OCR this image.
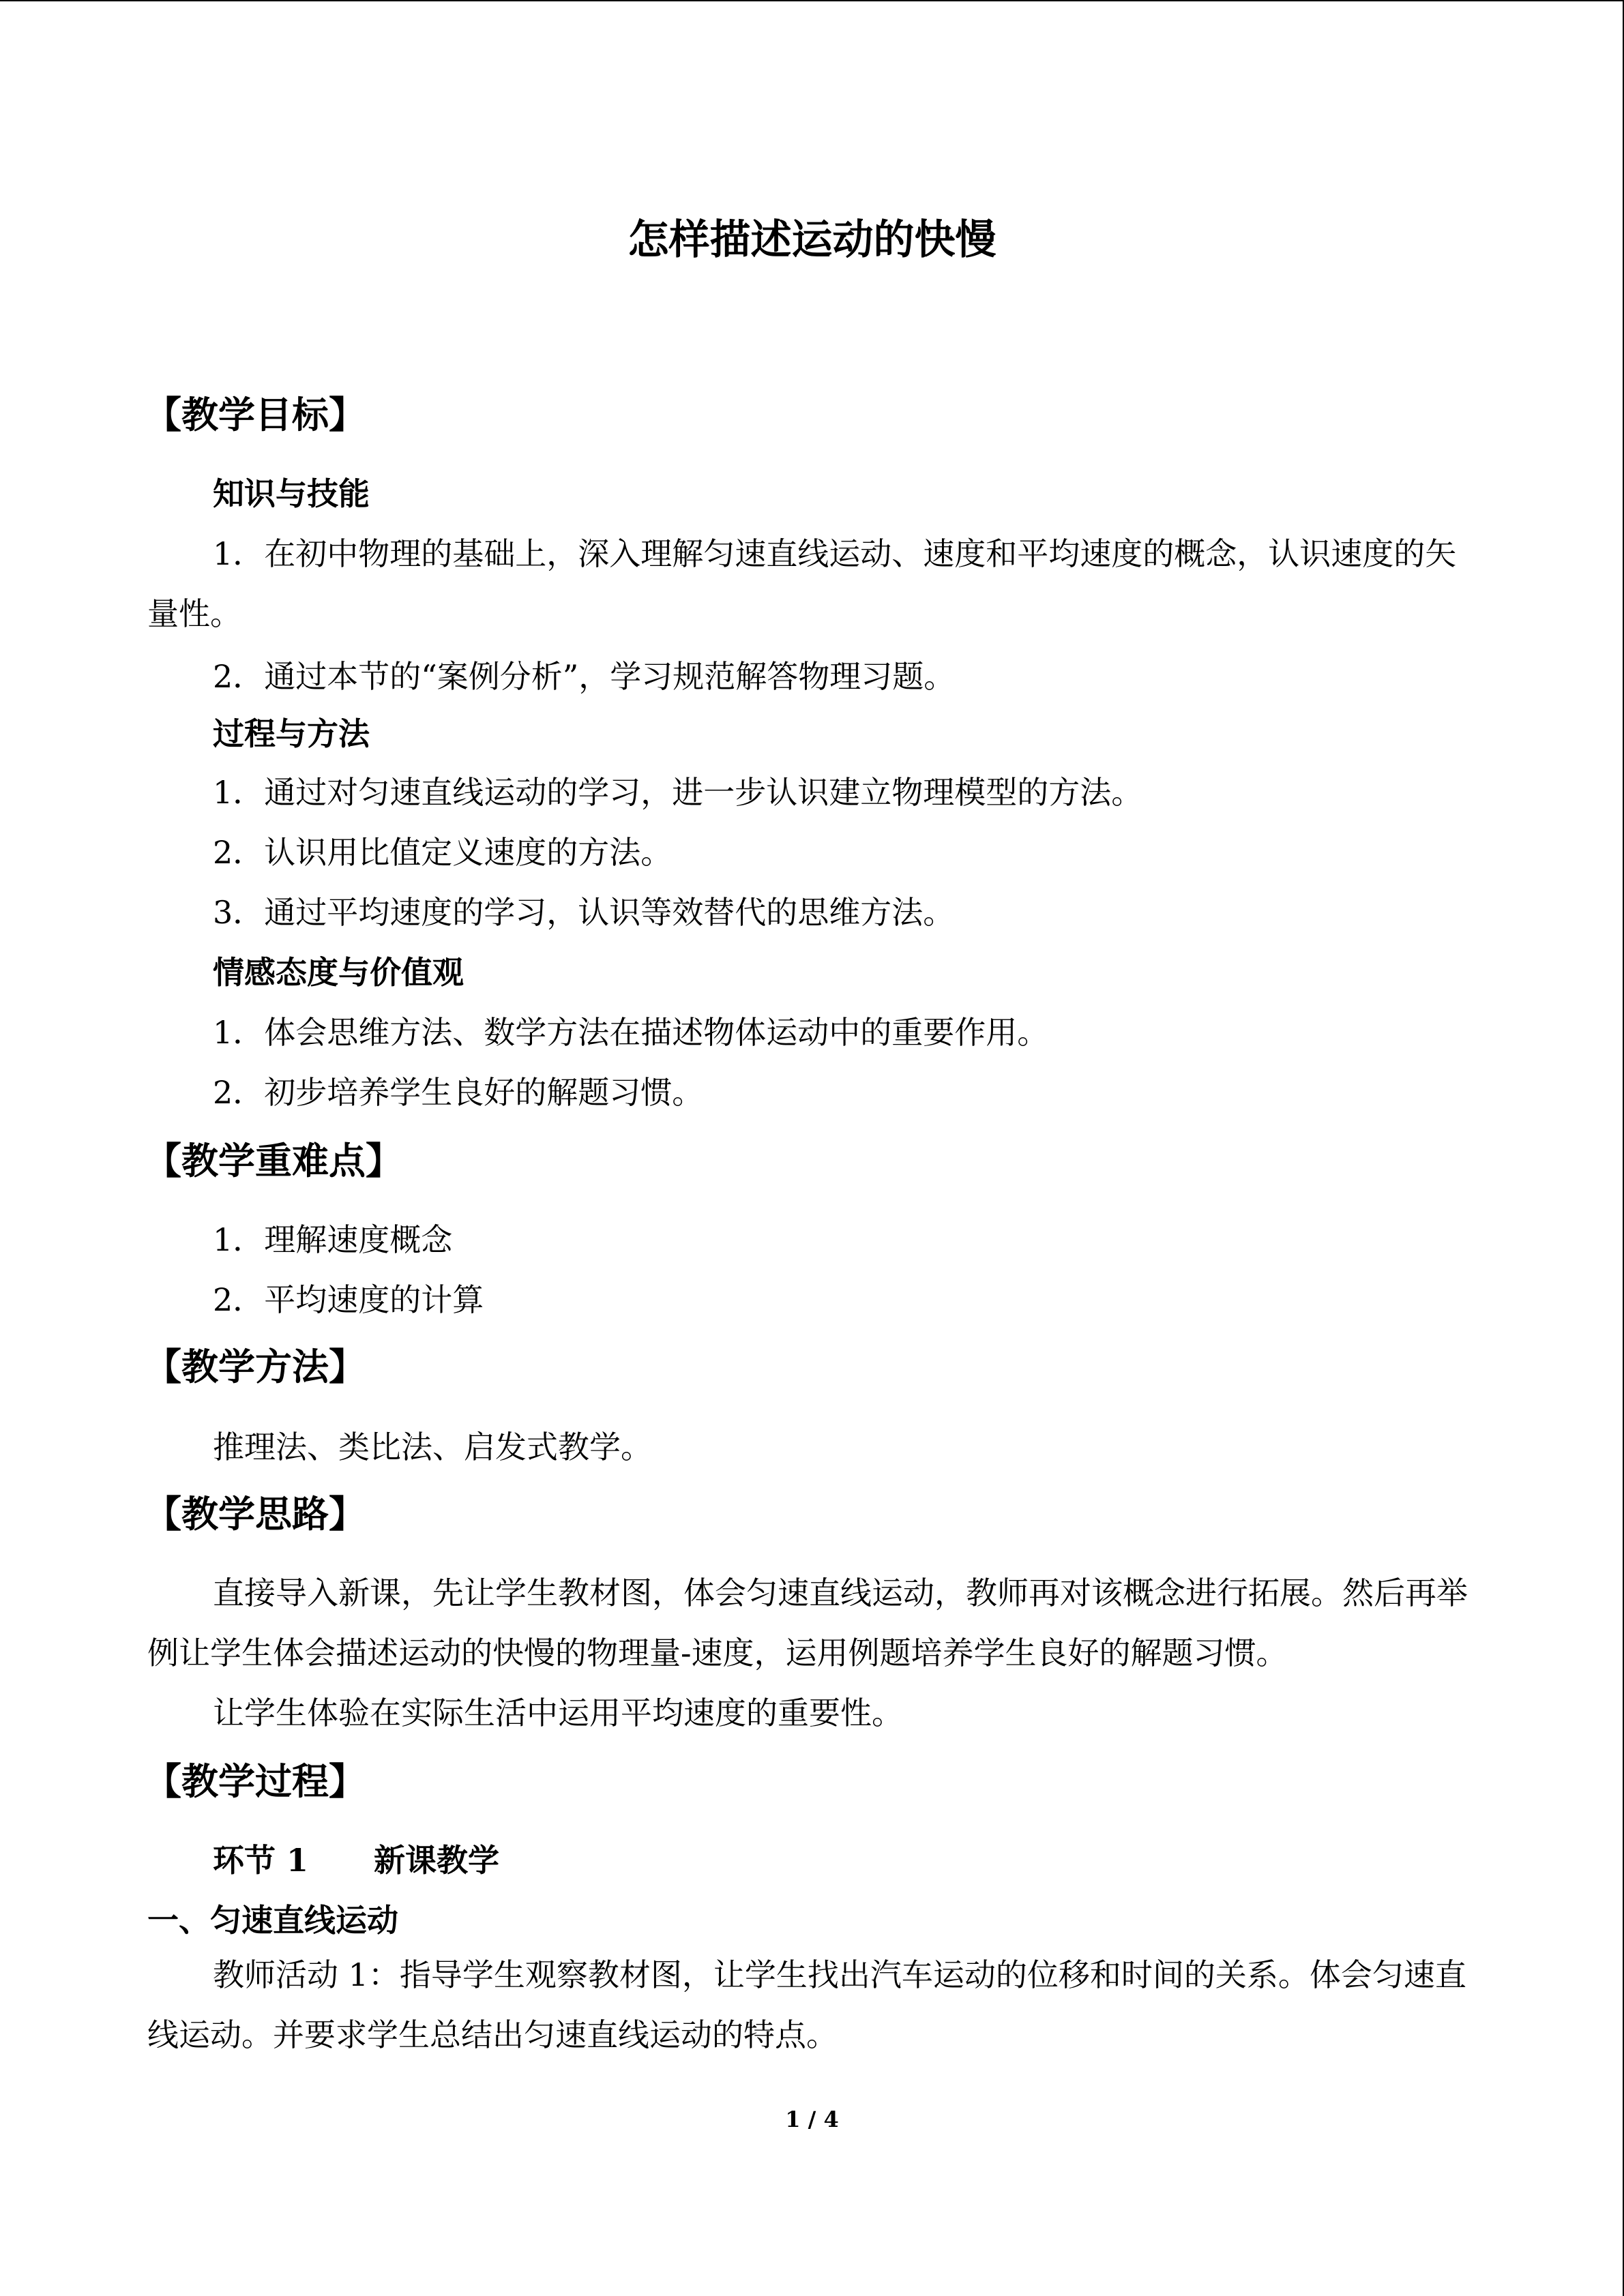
怎样描述运动的快慢
【教学目标】
知识与技能

1．在初中物理的基础上，深入理解匀速直线运动、速度和平均速度的概念，认识速度的矢量性。

2．通过本节的“案例分析”，学习规范解答物理习题。
过程与方法
1．通过对匀速直线运动的学习，进一步认识建立物理模型的方法。
2．认识用比值定义速度的方法。
3．通过平均速度的学习，认识等效替代的思维方法。
情感态度与价值观
1．体会思维方法、数学方法在描述物体运动中的重要作用。
2．初步培养学生良好的解题习惯。
【教学重难点】
1．理解速度概念
2．平均速度的计算
【教学方法】
推理法、类比法、启发式教学。
【教学思路】

直接导入新课，先让学生教材图，体会匀速直线运动，教师再对该概念进行拓展。然后再举例让学生体会描述运动的快慢的物理量-速度，运用例题培养学生良好的解题习惯。

让学生体验在实际生活中运用平均速度的重要性。
【教学过程】
环节 1 新课教学
一、匀速直线运动

教师活动 1：指导学生观察教材图，让学生找出汽车运动的位移和时间的关系。体会匀速直线运动。并要求学生总结出匀速直线运动的特点。

1 / 4
